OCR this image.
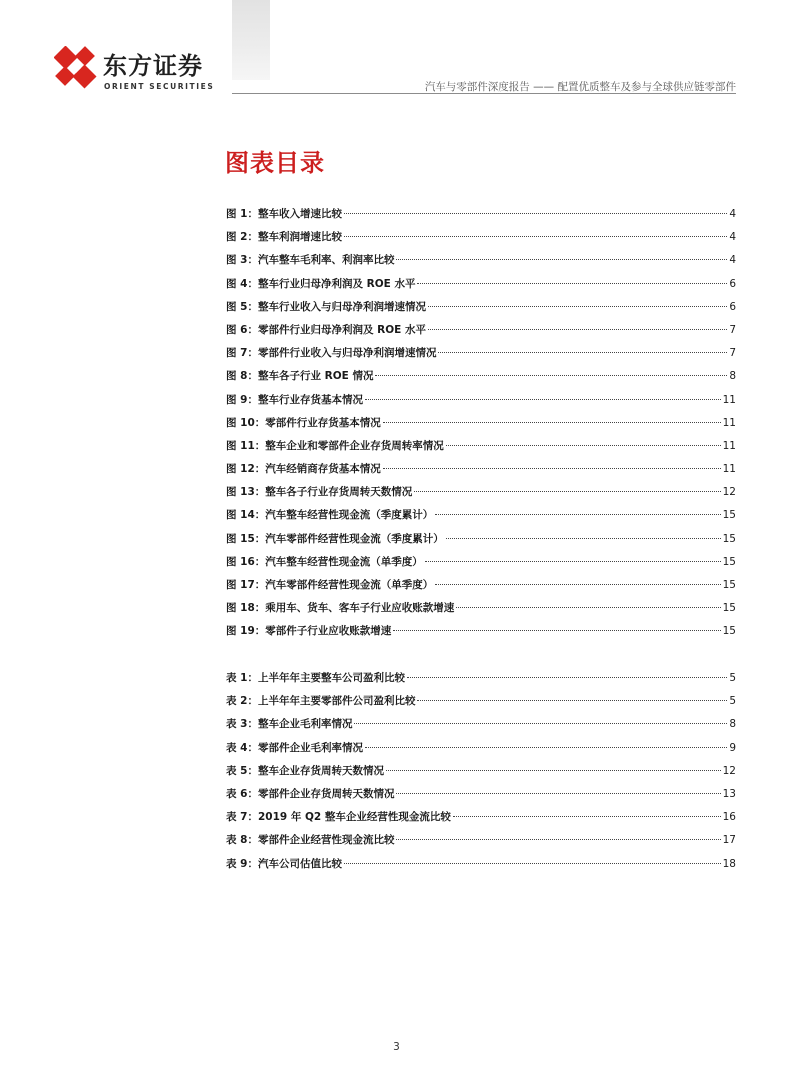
东方证券
ORIENT SECURITIES	汽车与零部件深度报告 —— 配置优质整车及参与全球供应链零部件
图表目录
图 1：整车收入增速比较	4
图 2：整车利润增速比较	4
图 3：汽车整车毛利率、利润率比较	4
图 4：整车行业归母净利润及 ROE 水平	6
图 5：整车行业收入与归母净利润增速情况	6
图 6：零部件行业归母净利润及 ROE 水平	7
图 7：零部件行业收入与归母净利润增速情况	7
图 8：整车各子行业 ROE 情况	8
图 9：整车行业存货基本情况	11
图 10：零部件行业存货基本情况	11
图 11：整车企业和零部件企业存货周转率情况	11
图 12：汽车经销商存货基本情况	11
图 13：整车各子行业存货周转天数情况	12
图 14：汽车整车经营性现金流（季度累计）	15
图 15：汽车零部件经营性现金流（季度累计）	15
图 16：汽车整车经营性现金流（单季度）	15
图 17：汽车零部件经营性现金流（单季度）	15
图 18：乘用车、货车、客车子行业应收账款增速	15
图 19：零部件子行业应收账款增速	15
表 1：上半年年主要整车公司盈利比较	5
表 2：上半年年主要零部件公司盈利比较	5
表 3：整车企业毛利率情况	8
表 4：零部件企业毛利率情况	9
表 5：整车企业存货周转天数情况	12
表 6：零部件企业存货周转天数情况	13
表 7：2019 年 Q2 整车企业经营性现金流比较	16
表 8：零部件企业经营性现金流比较	17
表 9：汽车公司估值比较	18
3
